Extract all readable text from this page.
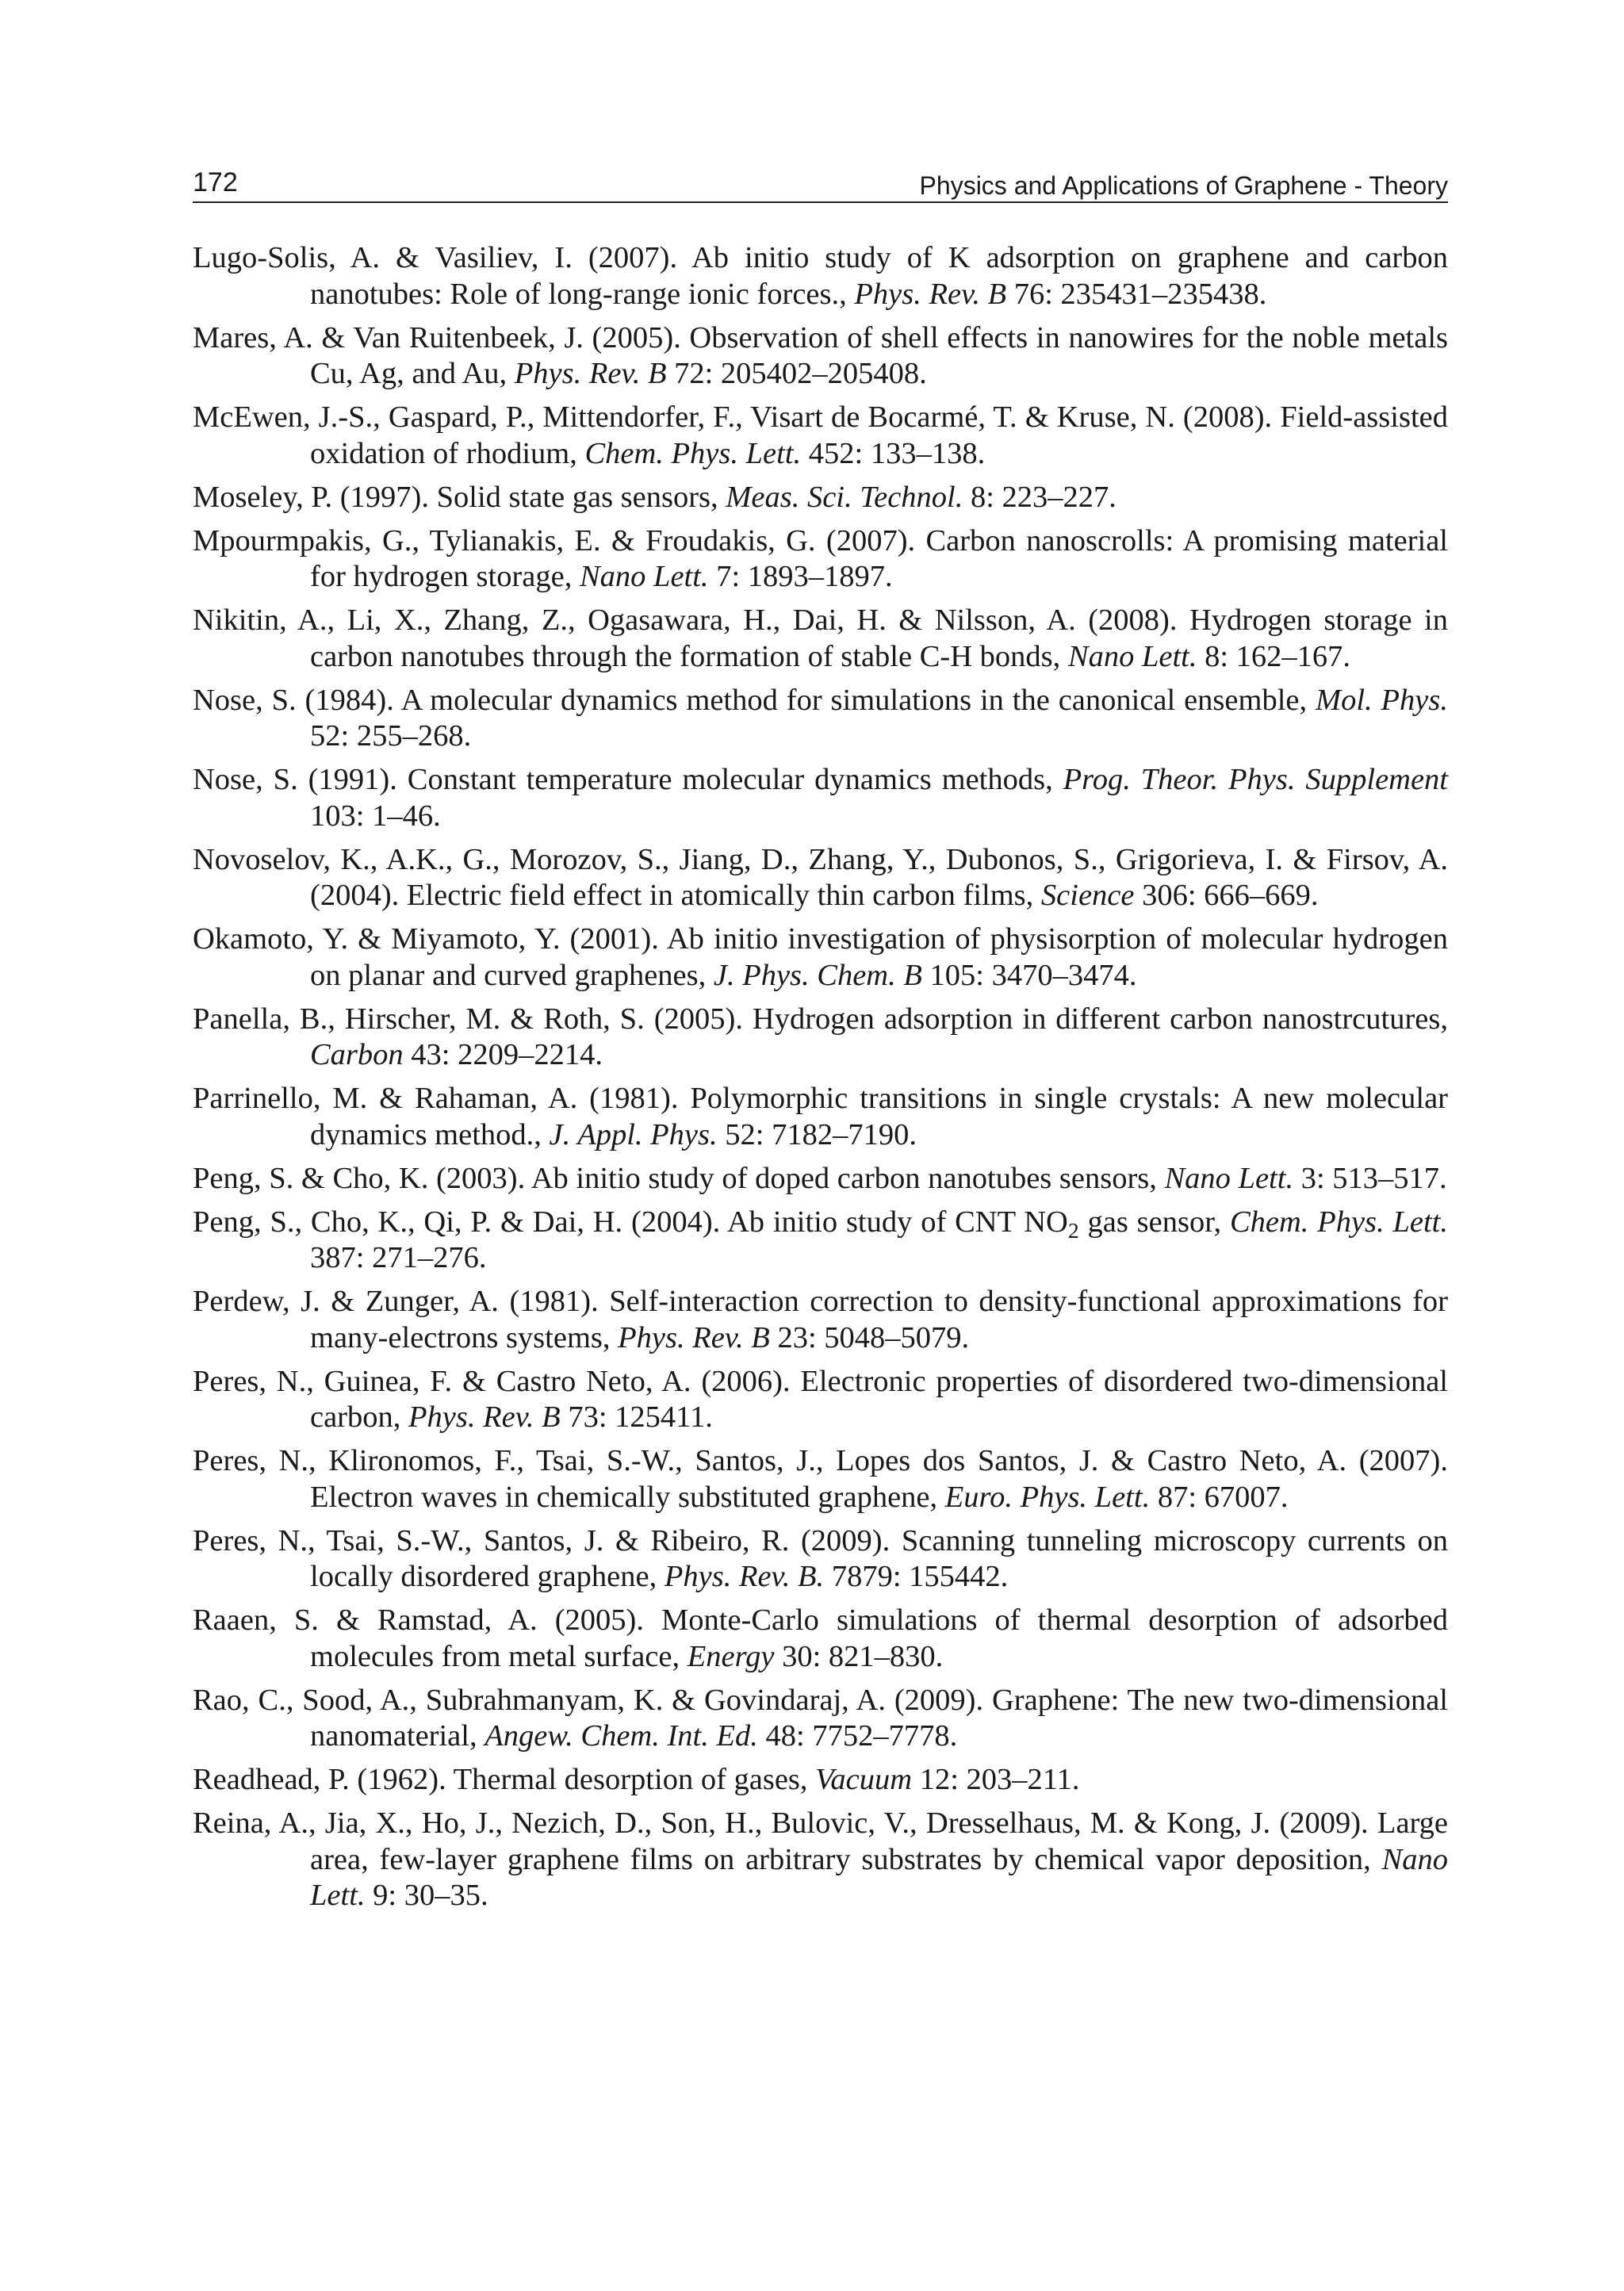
172	Physics and Applications of Graphene - Theory

Lugo-Solis, A. & Vasiliev, I. (2007). Ab initio study of K adsorption on graphene and carbon nanotubes: Role of long-range ionic forces., Phys. Rev. B 76: 235431–235438.

Mares, A. & Van Ruitenbeek, J. (2005). Observation of shell effects in nanowires for the noble metals Cu, Ag, and Au, Phys. Rev. B 72: 205402–205408.

McEwen, J.-S., Gaspard, P., Mittendorfer, F., Visart de Bocarmé, T. & Kruse, N. (2008). Field-assisted oxidation of rhodium, Chem. Phys. Lett. 452: 133–138.

Moseley, P. (1997). Solid state gas sensors, Meas. Sci. Technol. 8: 223–227.

Mpourmpakis, G., Tylianakis, E. & Froudakis, G. (2007). Carbon nanoscrolls: A promising material for hydrogen storage, Nano Lett. 7: 1893–1897.

Nikitin, A., Li, X., Zhang, Z., Ogasawara, H., Dai, H. & Nilsson, A. (2008). Hydrogen storage in carbon nanotubes through the formation of stable C-H bonds, Nano Lett. 8: 162–167.

Nose, S. (1984). A molecular dynamics method for simulations in the canonical ensemble, Mol. Phys. 52: 255–268.

Nose, S. (1991). Constant temperature molecular dynamics methods, Prog. Theor. Phys. Supplement 103: 1–46.

Novoselov, K., A.K., G., Morozov, S., Jiang, D., Zhang, Y., Dubonos, S., Grigorieva, I. & Firsov, A. (2004). Electric field effect in atomically thin carbon films, Science 306: 666–669.

Okamoto, Y. & Miyamoto, Y. (2001). Ab initio investigation of physisorption of molecular hydrogen on planar and curved graphenes, J. Phys. Chem. B 105: 3470–3474.

Panella, B., Hirscher, M. & Roth, S. (2005). Hydrogen adsorption in different carbon nanostrcutures, Carbon 43: 2209–2214.

Parrinello, M. & Rahaman, A. (1981). Polymorphic transitions in single crystals: A new molecular dynamics method., J. Appl. Phys. 52: 7182–7190.

Peng, S. & Cho, K. (2003). Ab initio study of doped carbon nanotubes sensors, Nano Lett. 3: 513–517.

Peng, S., Cho, K., Qi, P. & Dai, H. (2004). Ab initio study of CNT $NO_2$ gas sensor, Chem. Phys. Lett. 387: 271–276.

Perdew, J. & Zunger, A. (1981). Self-interaction correction to density-functional approximations for many-electrons systems, Phys. Rev. B 23: 5048–5079.

Peres, N., Guinea, F. & Castro Neto, A. (2006). Electronic properties of disordered two-dimensional carbon, Phys. Rev. B 73: 125411.

Peres, N., Klironomos, F., Tsai, S.-W., Santos, J., Lopes dos Santos, J. & Castro Neto, A. (2007). Electron waves in chemically substituted graphene, Euro. Phys. Lett. 87: 67007.

Peres, N., Tsai, S.-W., Santos, J. & Ribeiro, R. (2009). Scanning tunneling microscopy currents on locally disordered graphene, Phys. Rev. B. 7879: 155442.

Raaen, S. & Ramstad, A. (2005). Monte-Carlo simulations of thermal desorption of adsorbed molecules from metal surface, Energy 30: 821–830.

Rao, C., Sood, A., Subrahmanyam, K. & Govindaraj, A. (2009). Graphene: The new two-dimensional nanomaterial, Angew. Chem. Int. Ed. 48: 7752–7778.

Readhead, P. (1962). Thermal desorption of gases, Vacuum 12: 203–211.

Reina, A., Jia, X., Ho, J., Nezich, D., Son, H., Bulovic, V., Dresselhaus, M. & Kong, J. (2009). Large area, few-layer graphene films on arbitrary substrates by chemical vapor deposition, Nano Lett. 9: 30–35.
